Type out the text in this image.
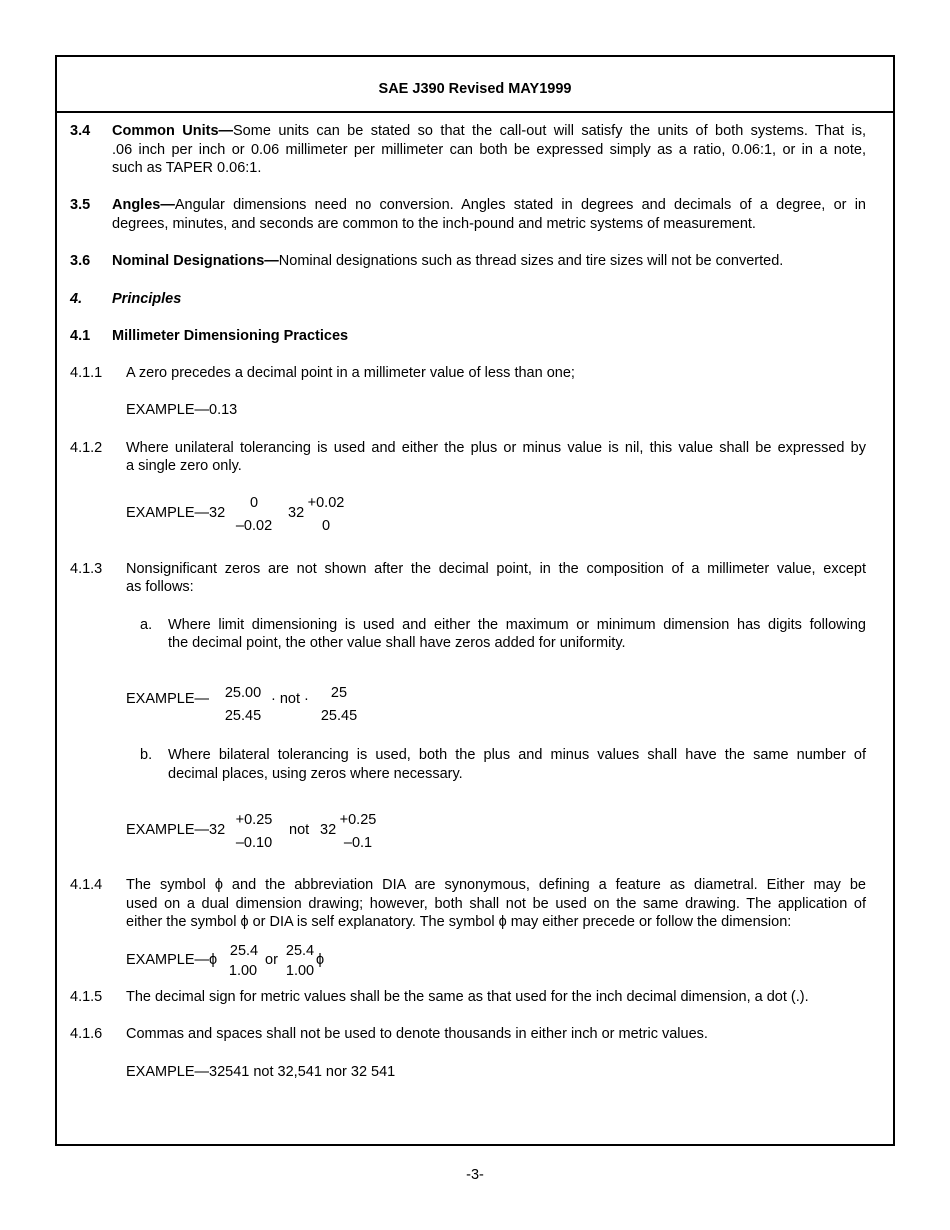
SAE J390 Revised MAY1999
3.4 Common Units—Some units can be stated so that the call-out will satisfy the units of both systems. That is,
.06 inch per inch or 0.06 millimeter per millimeter can both be expressed simply as a ratio, 0.06:1, or in a note,
such as TAPER 0.06:1.
3.5 Angles—Angular dimensions need no conversion. Angles stated in degrees and decimals of a degree, or in
degrees, minutes, and seconds are common to the inch-pound and metric systems of measurement.
3.6 Nominal Designations—Nominal designations such as thread sizes and tire sizes will not be converted.
4. Principles
4.1 Millimeter Dimensioning Practices
4.1.1 A zero precedes a decimal point in a millimeter value of less than one;
EXAMPLE—0.13
4.1.2 Where unilateral tolerancing is used and either the plus or minus value is nil, this value shall be expressed by
a single zero only.
EXAMPLE—32
0
–0.02
32
+0.02
0
4.1.3 Nonsignificant zeros are not shown after the decimal point, in the composition of a millimeter value, except
as follows:
a. Where limit dimensioning is used and either the maximum or minimum dimension has digits following
the decimal point, the other value shall have zeros added for uniformity.
EXAMPLE— 25.00
25.45
· not ·	25
25.45
b. Where bilateral tolerancing is used, both the plus and minus values shall have the same number of
decimal places, using zeros where necessary.
EXAMPLE—32
+0.25
–0.10
not 32
+0.25
–0.1
4.1.4 The symbol ϕ and the abbreviation DIA are synonymous, defining a feature as diametral. Either may be
used on a dual dimension drawing; however, both shall not be used on the same drawing. The application of
either the symbol ϕ or DIA is self explanatory. The symbol ϕ may either precede or follow the dimension:
EXAMPLE—ϕ
25.4
1.00
or
25.4
1.00
ϕ
4.1.5 The decimal sign for metric values shall be the same as that used for the inch decimal dimension, a dot (.).
4.1.6 Commas and spaces shall not be used to denote thousands in either inch or metric values.
EXAMPLE—32541 not 32,541 nor 32 541
-3-
